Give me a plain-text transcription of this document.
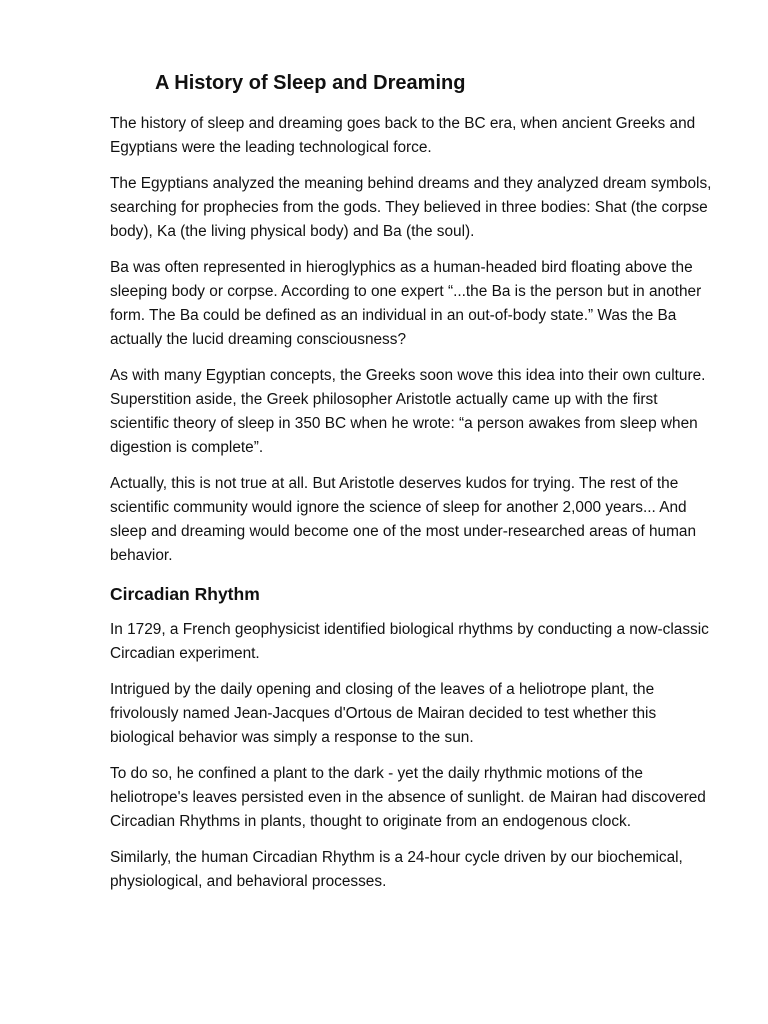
A History of Sleep and Dreaming

The history of sleep and dreaming goes back to the BC era, when ancient Greeks and Egyptians were the leading technological force.

The Egyptians analyzed the meaning behind dreams and they analyzed dream symbols, searching for prophecies from the gods. They believed in three bodies: Shat (the corpse body), Ka (the living physical body) and Ba (the soul).

Ba was often represented in hieroglyphics as a human-headed bird floating above the sleeping body or corpse. According to one expert “...the Ba is the person but in another form. The Ba could be defined as an individual in an out-of-body state.” Was the Ba actually the lucid dreaming consciousness?

As with many Egyptian concepts, the Greeks soon wove this idea into their own culture. Superstition aside, the Greek philosopher Aristotle actually came up with the first scientific theory of sleep in 350 BC when he wrote: “a person awakes from sleep when digestion is complete”.

Actually, this is not true at all. But Aristotle deserves kudos for trying. The rest of the scientific community would ignore the science of sleep for another 2,000 years... And sleep and dreaming would become one of the most under-researched areas of human behavior.

Circadian Rhythm

In 1729, a French geophysicist identified biological rhythms by conducting a now-classic Circadian experiment.

Intrigued by the daily opening and closing of the leaves of a heliotrope plant, the frivolously named Jean-Jacques d'Ortous de Mairan decided to test whether this biological behavior was simply a response to the sun.

To do so, he confined a plant to the dark - yet the daily rhythmic motions of the heliotrope's leaves persisted even in the absence of sunlight. de Mairan had discovered Circadian Rhythms in plants, thought to originate from an endogenous clock.

Similarly, the human Circadian Rhythm is a 24-hour cycle driven by our biochemical, physiological, and behavioral processes.
